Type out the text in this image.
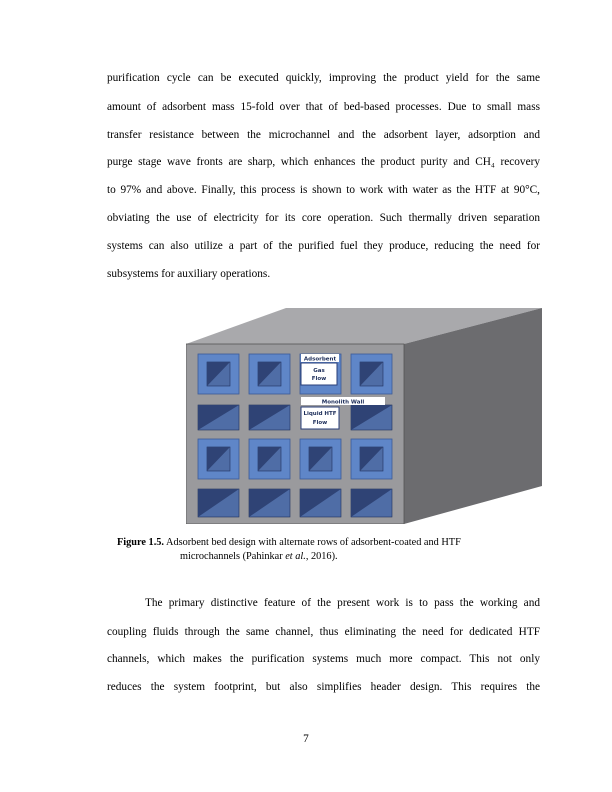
purification cycle can be executed quickly, improving the product yield for the same
amount of adsorbent mass 15-fold over that of bed-based processes. Due to small mass
transfer resistance between the microchannel and the adsorbent layer, adsorption and
purge stage wave fronts are sharp, which enhances the product purity and CH₄ recovery
to 97% and above. Finally, this process is shown to work with water as the HTF at 90°C,
obviating the use of electricity for its core operation. Such thermally driven separation
systems can also utilize a part of the purified fuel they produce, reducing the need for
subsystems for auxiliary operations.
Gas
Flow
Adsorbent
Monolith Wall
Liquid HTF
Flow
Figure 1.5. Adsorbent bed design with alternate rows of adsorbent-coated and HTF
microchannels (Pahinkar et al., 2016).
The primary distinctive feature of the present work is to pass the working and
coupling fluids through the same channel, thus eliminating the need for dedicated HTF
channels, which makes the purification systems much more compact. This not only
reduces the system footprint, but also simplifies header design. This requires the
7
